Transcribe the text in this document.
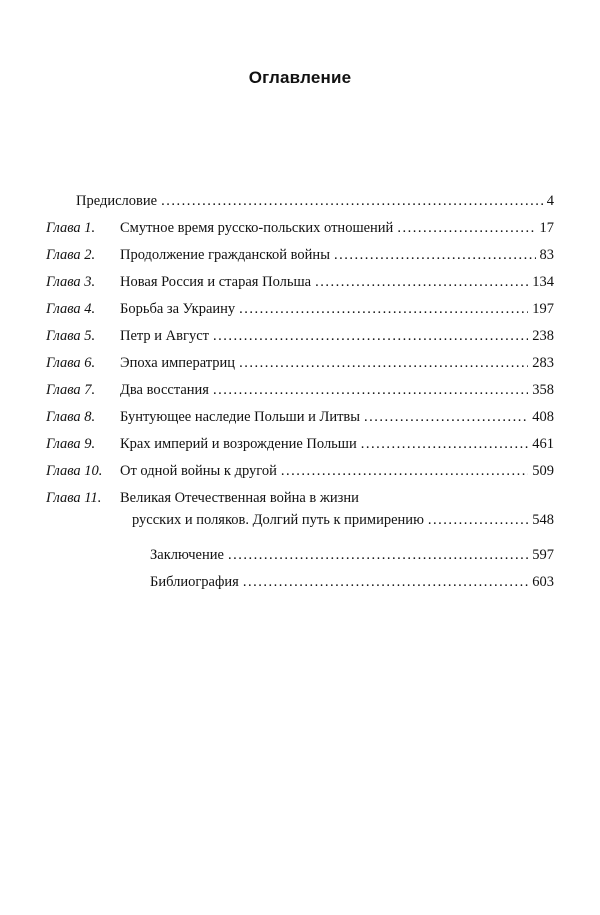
Оглавление
Предисловие .....	4
Глава 1. Смутное время русско-польских отношений .....	17
Глава 2. Продолжение гражданской войны .....	83
Глава 3. Новая Россия и старая Польша .....	134
Глава 4. Борьба за Украину .....	197
Глава 5. Петр и Август .....	238
Глава 6. Эпоха императриц .....	283
Глава 7. Два восстания .....	358
Глава 8. Бунтующее наследие Польши и Литвы .....	408
Глава 9. Крах империй и возрождение Польши .....	461
Глава 10. От одной войны к другой .....	509
Глава 11. Великая Отечественная война в жизни
русских и поляков. Долгий путь к примирению .....	548
Заключение .....	597
Библиография .....	603
